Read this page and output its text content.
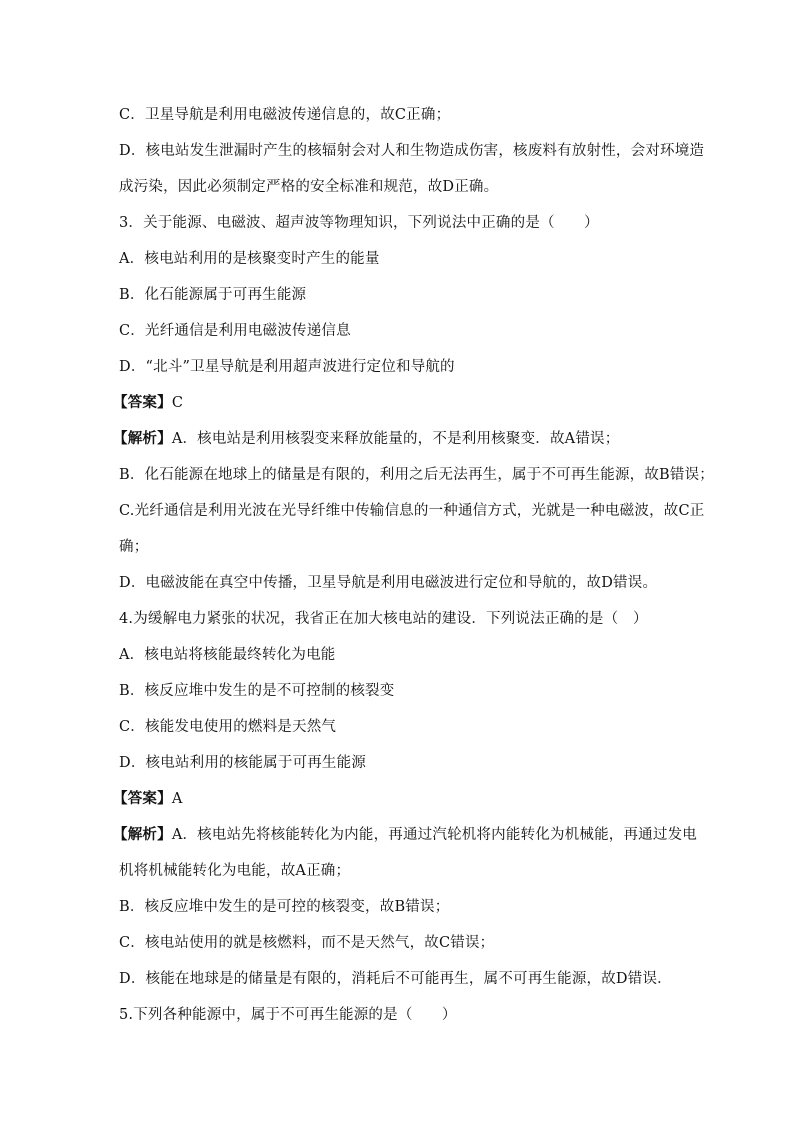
C．卫星导航是利用电磁波传递信息的，故C正确；
D．核电站发生泄漏时产生的核辐射会对人和生物造成伤害，核废料有放射性，会对环境造
成污染，因此必须制定严格的安全标准和规范，故D正确。
3．关于能源、电磁波、超声波等物理知识，下列说法中正确的是（　　）
A．核电站利用的是核聚变时产生的能量
B．化石能源属于可再生能源
C．光纤通信是利用电磁波传递信息
D．“北斗”卫星导航是利用超声波进行定位和导航的
【答案】C
【解析】A．核电站是利用核裂变来释放能量的，不是利用核聚变．故A错误；
B．化石能源在地球上的储量是有限的，利用之后无法再生，属于不可再生能源，故B错误；
C.光纤通信是利用光波在光导纤维中传输信息的一种通信方式，光就是一种电磁波，故C正
确；
D．电磁波能在真空中传播，卫星导航是利用电磁波进行定位和导航的，故D错误。
4.为缓解电力紧张的状况，我省正在加大核电站的建设．下列说法正确的是（　）
A．核电站将核能最终转化为电能
B．核反应堆中发生的是不可控制的核裂变
C．核能发电使用的燃料是天然气
D．核电站利用的核能属于可再生能源
【答案】A
【解析】A．核电站先将核能转化为内能，再通过汽轮机将内能转化为机械能，再通过发电
机将机械能转化为电能，故A正确；
B．核反应堆中发生的是可控的核裂变，故B错误；
C．核电站使用的就是核燃料，而不是天然气，故C错误；
D．核能在地球是的储量是有限的，消耗后不可能再生，属不可再生能源，故D错误．
5.下列各种能源中，属于不可再生能源的是（　　）
